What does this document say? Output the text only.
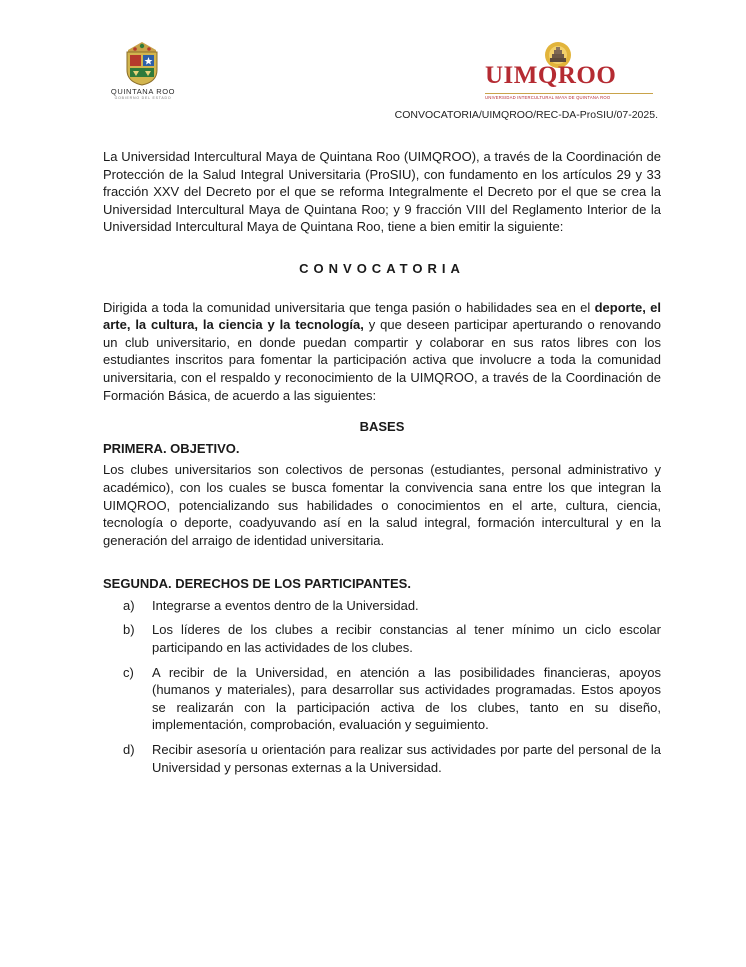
QUINTANA ROO
GOBIERNO DEL ESTADO
UIMQROO
UNIVERSIDAD INTERCULTURAL MAYA DE QUINTANA ROO
CONVOCATORIA/UIMQROO/REC-DA-ProSIU/07-2025.

La Universidad Intercultural Maya de Quintana Roo (UIMQROO), a través de la Coordinación de Protección de la Salud Integral Universitaria (ProSIU), con fundamento en los artículos 29 y 33 fracción XXV del Decreto por el que se reforma Integralmente el Decreto por el que se crea la Universidad Intercultural Maya de Quintana Roo; y 9 fracción VIII del Reglamento Interior de la Universidad Intercultural Maya de Quintana Roo, tiene a bien emitir la siguiente:

CONVOCATORIA

Dirigida a toda la comunidad universitaria que tenga pasión o habilidades sea en el deporte, el arte, la cultura, la ciencia y la tecnología, y que deseen participar aperturando o renovando un club universitario, en donde puedan compartir y colaborar en sus ratos libres con los estudiantes inscritos para fomentar la participación activa que involucre a toda la comunidad universitaria, con el respaldo y reconocimiento de la UIMQROO, a través de la Coordinación de Formación Básica, de acuerdo a las siguientes:

BASES

PRIMERA. OBJETIVO.

Los clubes universitarios son colectivos de personas (estudiantes, personal administrativo y académico), con los cuales se busca fomentar la convivencia sana entre los que integran la UIMQROO, potencializando sus habilidades o conocimientos en el arte, cultura, ciencia, tecnología o deporte, coadyuvando así en la salud integral, formación intercultural y en la generación del arraigo de identidad universitaria.

SEGUNDA. DERECHOS DE LOS PARTICIPANTES.

a) Integrarse a eventos dentro de la Universidad.
b) Los líderes de los clubes a recibir constancias al tener mínimo un ciclo escolar participando en las actividades de los clubes.
c) A recibir de la Universidad, en atención a las posibilidades financieras, apoyos (humanos y materiales), para desarrollar sus actividades programadas. Estos apoyos se realizarán con la participación activa de los clubes, tanto en su diseño, implementación, comprobación, evaluación y seguimiento.
d) Recibir asesoría u orientación para realizar sus actividades por parte del personal de la Universidad y personas externas a la Universidad.
